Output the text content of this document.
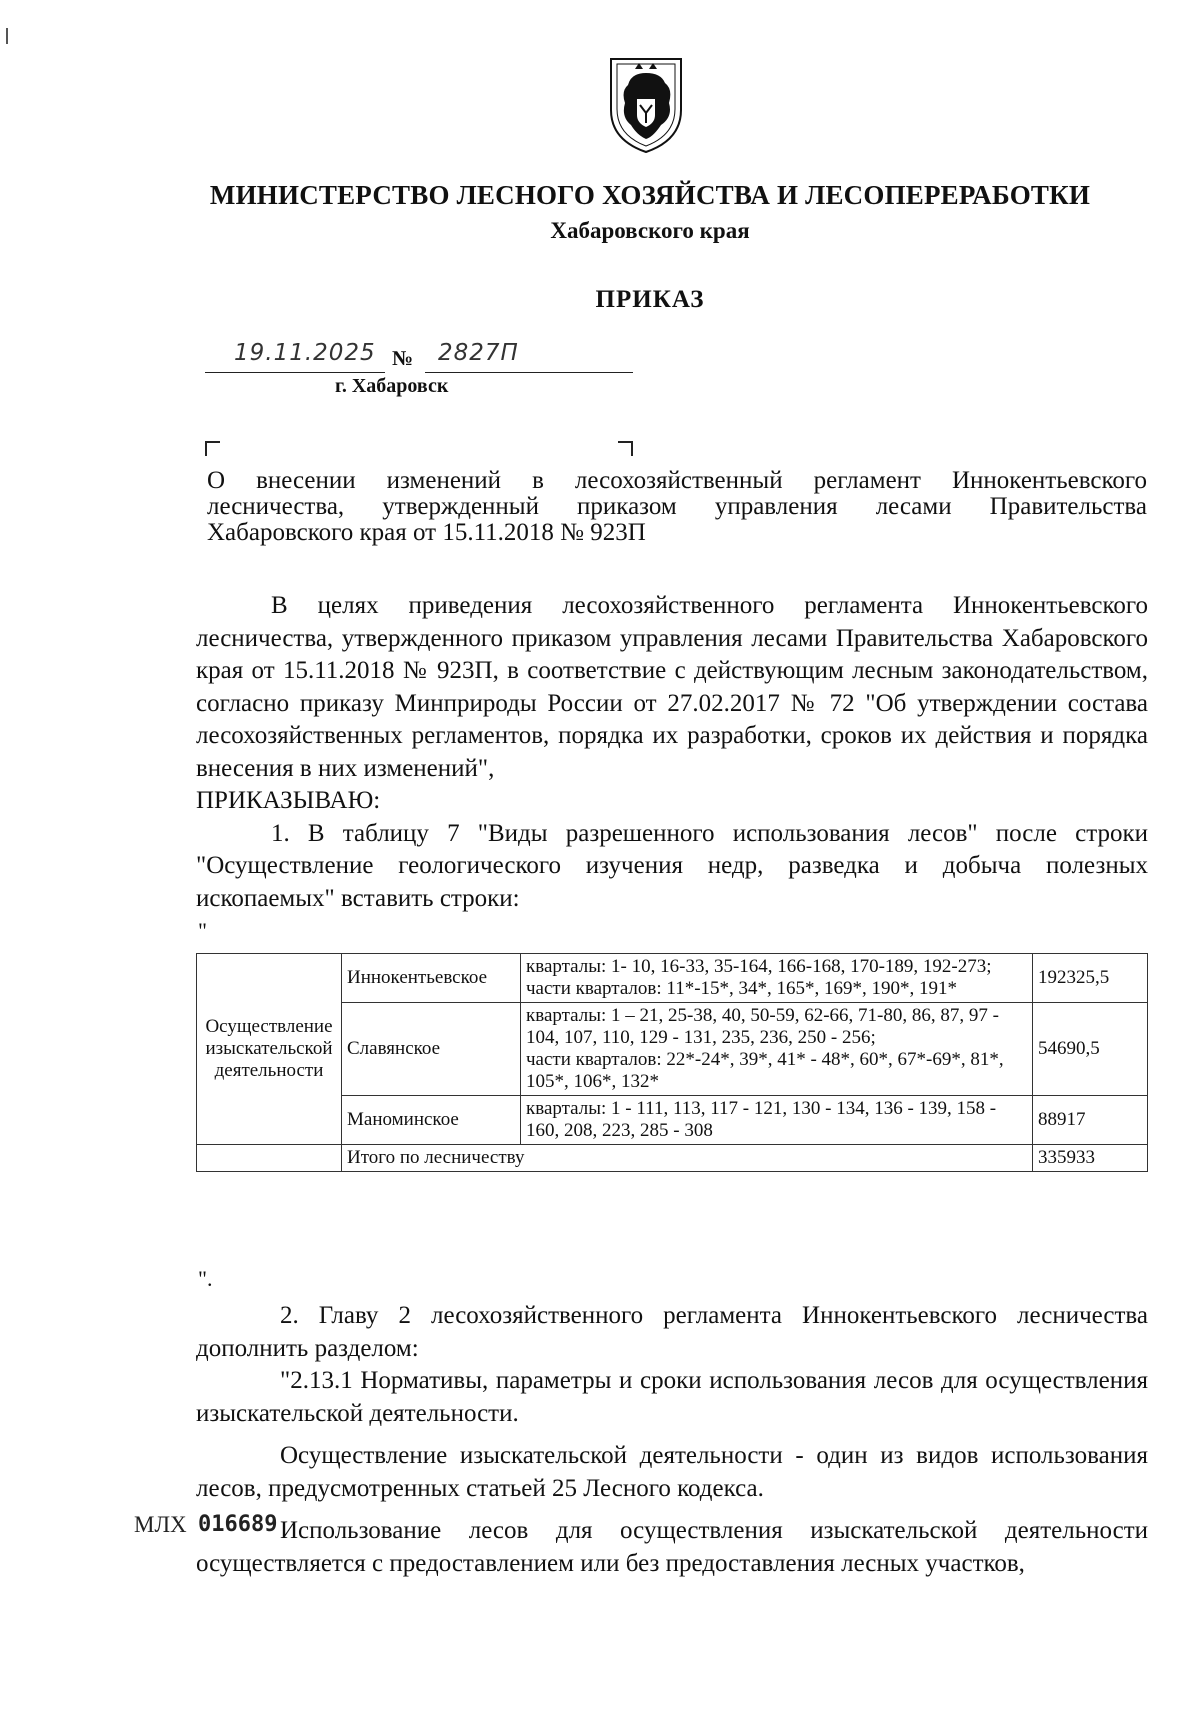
МИНИСТЕРСТВО ЛЕСНОГО ХОЗЯЙСТВА И ЛЕСОПЕРЕРАБОТКИ
Хабаровского края
ПРИКАЗ
19.11.2025 № 2827П
г. Хабаровск
О внесении изменений в лесохозяйственный регламент Иннокентьевского
лесничества, утвержденный приказом управления лесами Правительства
Хабаровского края от 15.11.2018 № 923П

В целях приведения лесохозяйственного регламента Иннокентьевского лесничества, утвержденного приказом управления лесами Правительства Хабаровского края от 15.11.2018 № 923П, в соответствие с действующим лесным законодательством, согласно приказу Минприроды России от 27.02.2017 № 72 "Об утверждении состава лесохозяйственных регламентов, порядка их разработки, сроков их действия и порядка внесения в них изменений",

ПРИКАЗЫВАЮ:

1. В таблицу 7 "Виды разрешенного использования лесов" после строки "Осуществление геологического изучения недр, разведка и добыча полезных ископаемых" вставить строки:

"
Осуществление изыскательской деятельности	Иннокентьевское	кварталы: 1- 10, 16-33, 35-164, 166-168, 170-189, 192-273;
части кварталов: 11*-15*, 34*, 165*, 169*, 190*, 191*	192325,5
	Славянское	кварталы: 1 – 21, 25-38, 40, 50-59, 62-66, 71-80, 86, 87, 97 - 104, 107, 110, 129 - 131, 235, 236, 250 - 256;
части кварталов: 22*-24*, 39*, 41* - 48*, 60*, 67*-69*, 81*, 105*, 106*, 132*	54690,5
	Маноминское	кварталы: 1 - 111, 113, 117 - 121, 130 - 134, 136 - 139, 158 - 160, 208, 223, 285 - 308	88917
	Итого по лесничеству		335933
".

2. Главу 2 лесохозяйственного регламента Иннокентьевского лесничества дополнить разделом:

"2.13.1 Нормативы, параметры и сроки использования лесов для осуществления изыскательской деятельности.

Осуществление изыскательской деятельности - один из видов использования лесов, предусмотренных статьей 25 Лесного кодекса.

Использование лесов для осуществления изыскательской деятельности осуществляется с предоставлением или без предоставления лесных участков,

МЛХ 016689
